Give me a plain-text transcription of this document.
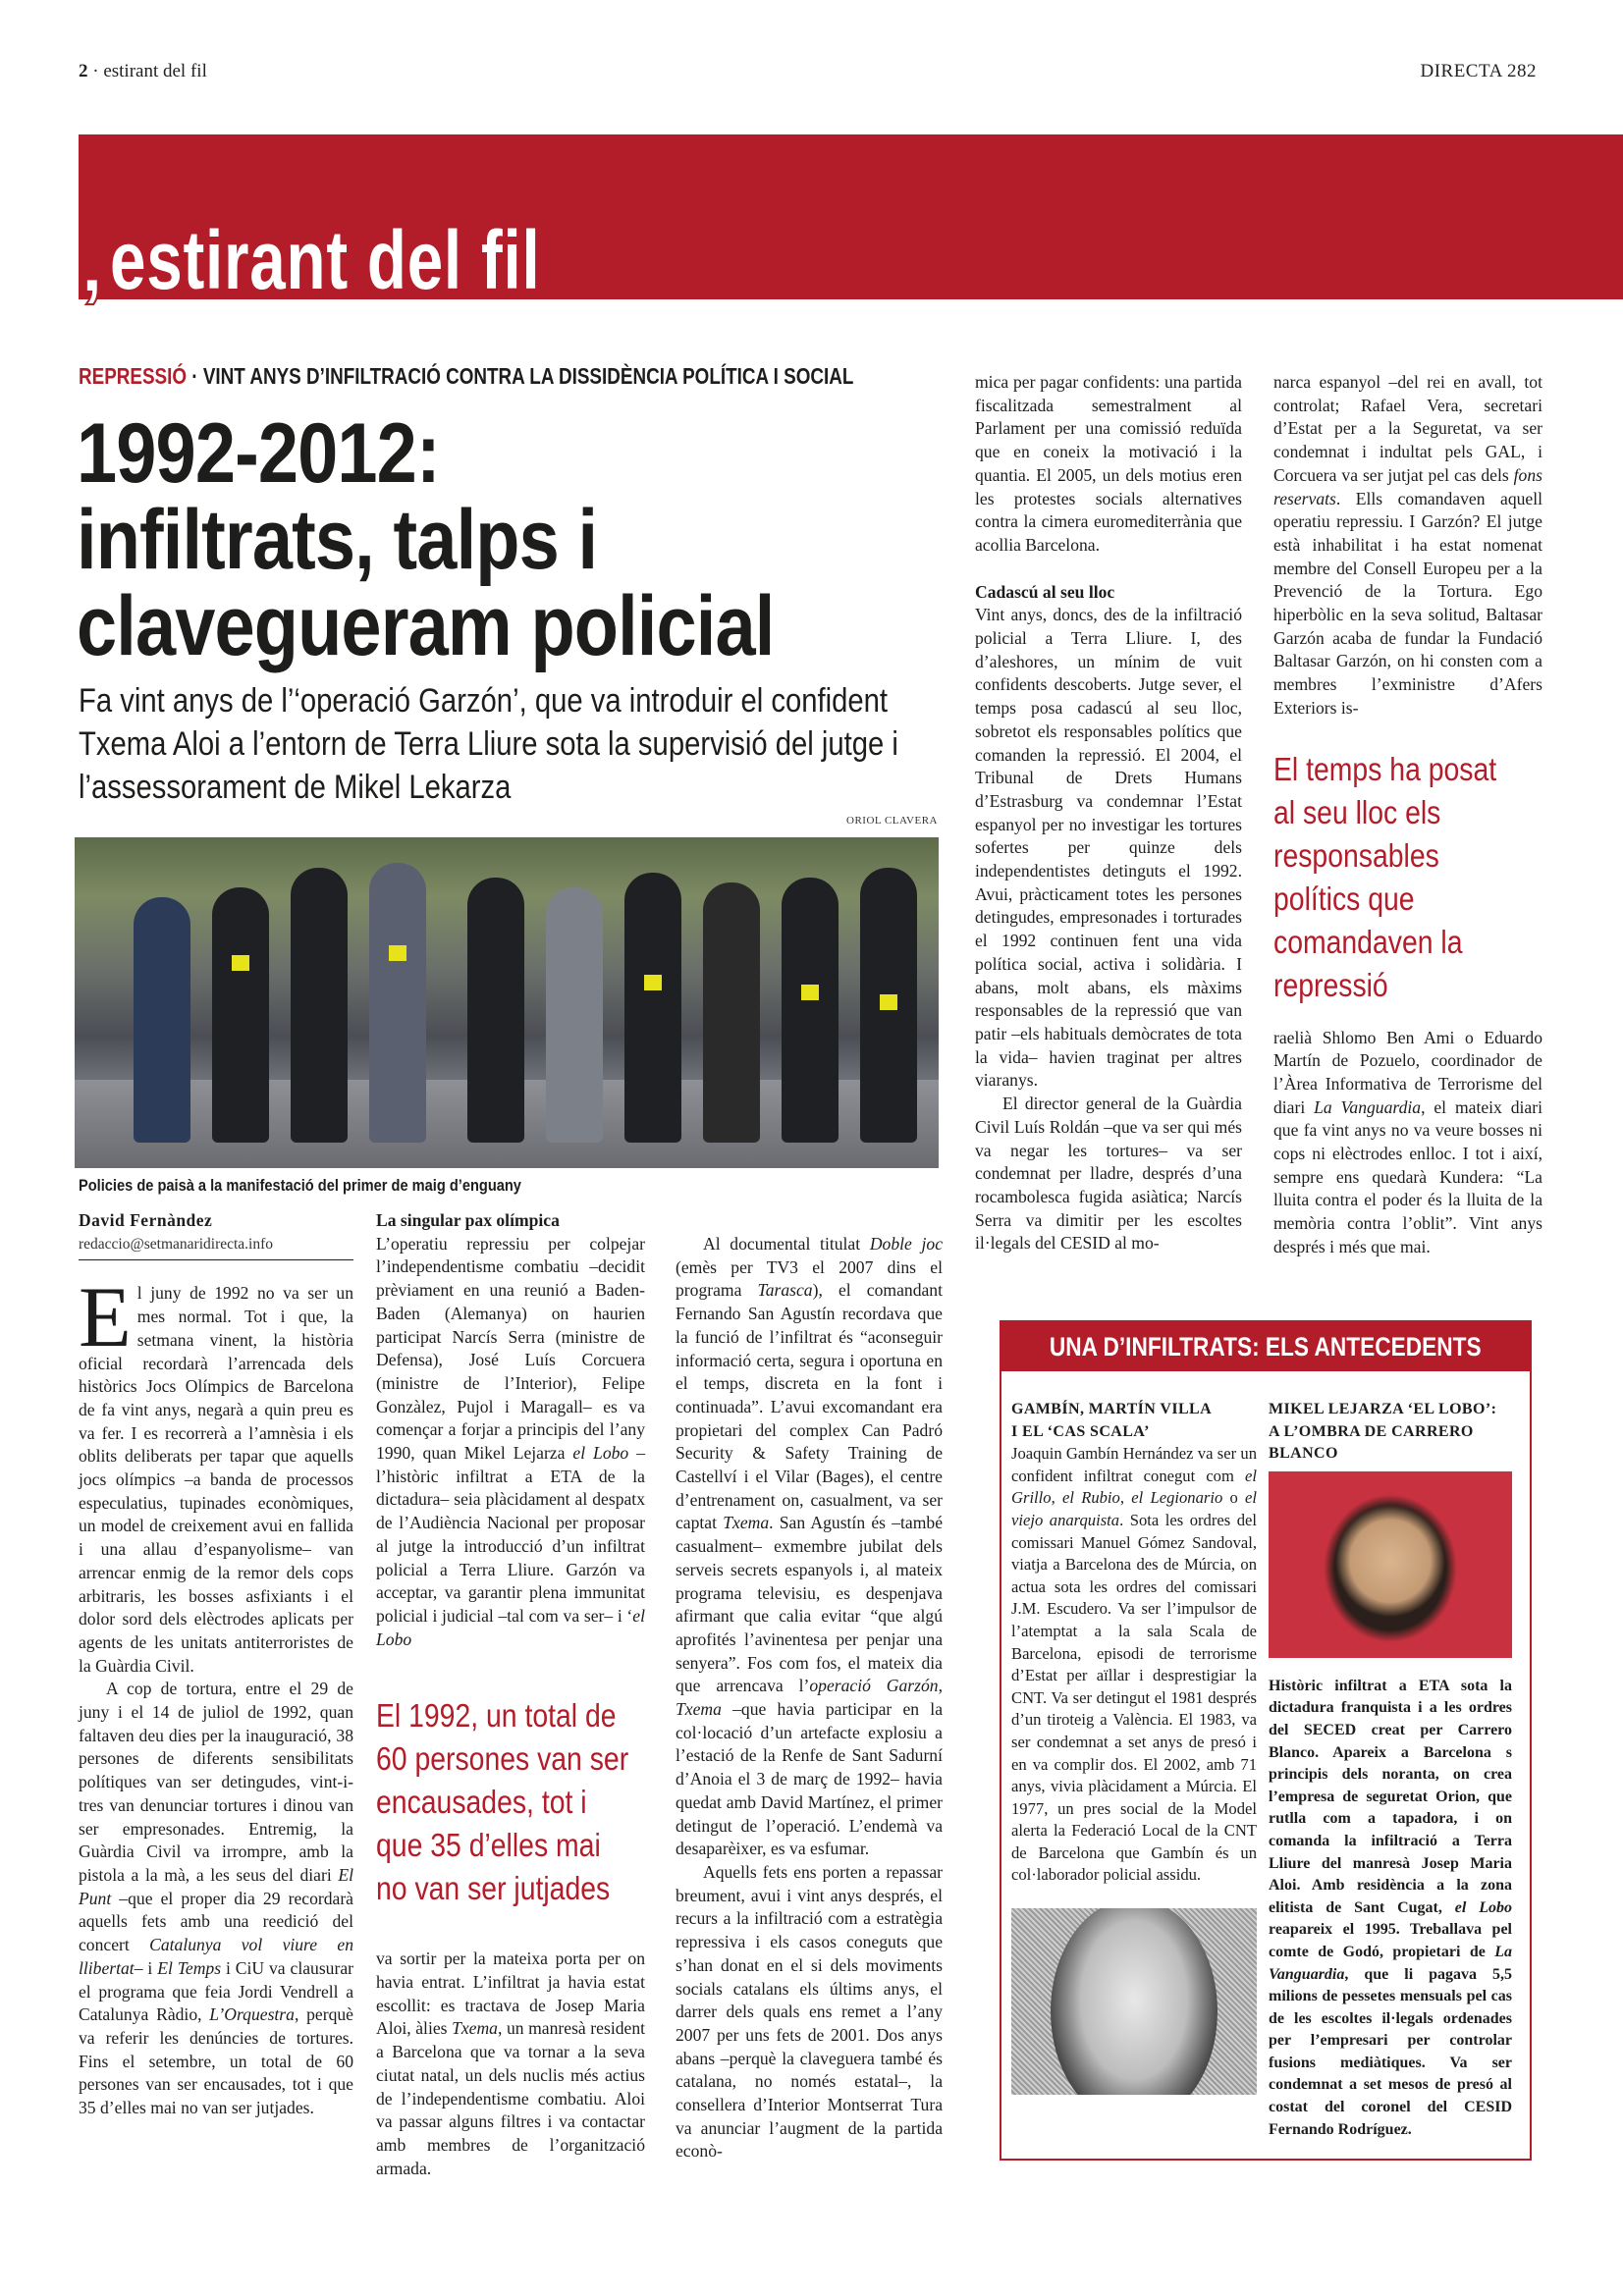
2 · estirant del fil	DIRECTA 282
, estirant del fil
REPRESSIÓ · VINT ANYS D’INFILTRACIÓ CONTRA LA DISSIDÈNCIA POLÍTICA I SOCIAL
1992-2012:
infiltrats, talps i
clavegueram policial

Fa vint anys de l’‘operació Garzón’, que va introduir el confident Txema Aloi a l’entorn de Terra Lliure sota la supervisió del jutge i l’assessorament de Mikel Lekarza

ORIOL CLAVERA
Policies de paisà a la manifestació del primer de maig d’enguany
David Fernàndez
redaccio@setmanaridirecta.info

El juny de 1992 no va ser un mes normal. Tot i que, la setmana vinent, la història oficial recordarà l’arrencada dels històrics Jocs Olímpics de Barcelona de fa vint anys, negarà a quin preu es va fer. I es recorrerà a l’amnèsia i els oblits deliberats per tapar que aquells jocs olímpics –a banda de processos especulatius, tupinades econòmiques, un model de creixement avui en fallida i una allau d’espanyolisme– van arrencar enmig de la remor dels cops arbitraris, les bosses asfixiants i el dolor sord dels elèctrodes aplicats per agents de les unitats antiterroristes de la Guàrdia Civil.

A cop de tortura, entre el 29 de juny i el 14 de juliol de 1992, quan faltaven deu dies per la inauguració, 38 persones de diferents sensibilitats polítiques van ser detingudes, vint-i-tres van denunciar tortures i dinou van ser empresonades. Entremig, la Guàrdia Civil va irrompre, amb la pistola a la mà, a les seus del diari El Punt –que el proper dia 29 recordarà aquells fets amb una reedició del concert Catalunya vol viure en llibertat– i El Temps i CiU va clausurar el programa que feia Jordi Vendrell a Catalunya Ràdio, L’Orquestra, perquè va referir les denúncies de tortures. Fins el setembre, un total de 60 persones van ser encausades, tot i que 35 d’elles mai no van ser jutjades.

La singular pax olímpica

L’operatiu repressiu per colpejar l’independentisme combatiu –decidit prèviament en una reunió a Baden-Baden (Alemanya) on haurien participat Narcís Serra (ministre de Defensa), José Luís Corcuera (ministre de l’Interior), Felipe Gonzàlez, Pujol i Maragall– es va començar a forjar a principis del l’any 1990, quan Mikel Lejarza el Lobo –l’històric infiltrat a ETA de la dictadura– seia plàcidament al despatx de l’Audiència Nacional per proposar al jutge la introducció d’un infiltrat policial a Terra Lliure. Garzón va acceptar, va garantir plena immunitat policial i judicial –tal com va ser– i ‘el Lobo

El 1992, un total de 60 persones van ser encausades, tot i que 35 d’elles mai no van ser jutjades

va sortir per la mateixa porta per on havia entrat. L’infiltrat ja havia estat escollit: es tractava de Josep Maria Aloi, àlies Txema, un manresà resident a Barcelona que va tornar a la seva ciutat natal, un dels nuclis més actius de l’independentisme combatiu. Aloi va passar alguns filtres i va contactar amb membres de l’organització armada.

Al documental titulat Doble joc (emès per TV3 el 2007 dins el programa Tarasca), el comandant Fernando San Agustín recordava que la funció de l’infiltrat és “aconseguir informació certa, segura i oportuna en el temps, discreta en la font i continuada”. L’avui excomandant era propietari del complex Can Padró Security & Safety Training de Castellví i el Vilar (Bages), el centre d’entrenament on, casualment, va ser captat Txema. San Agustín és –també casualment– exmembre jubilat dels serveis secrets espanyols i, al mateix programa televisiu, es despenjava afirmant que calia evitar “que algú aprofités l’avinentesa per penjar una senyera”. Fos com fos, el mateix dia que arrencava l’operació Garzón, Txema –que havia participar en la col·locació d’un artefacte explosiu a l’estació de la Renfe de Sant Sadurní d’Anoia el 3 de març de 1992– havia quedat amb David Martínez, el primer detingut de l’operació. L’endemà va desaparèixer, es va esfumar.

Aquells fets ens porten a repassar breument, avui i vint anys després, el recurs a la infiltració com a estratègia repressiva i els casos coneguts que s’han donat en el si dels moviments socials catalans els últims anys, el darrer dels quals ens remet a l’any 2007 per uns fets de 2001. Dos anys abans –perquè la claveguera també és catalana, no només estatal–, la consellera d’Interior Montserrat Tura va anunciar l’augment de la partida econò-

mica per pagar confidents: una partida fiscalitzada semestralment al Parlament per una comissió reduïda que en coneix la motivació i la quantia. El 2005, un dels motius eren les protestes socials alternatives contra la cimera euromediterrània que acollia Barcelona.

Cadascú al seu lloc

Vint anys, doncs, des de la infiltració policial a Terra Lliure. I, des d’aleshores, un mínim de vuit confidents descoberts. Jutge sever, el temps posa cadascú al seu lloc, sobretot els responsables polítics que comanden la repressió. El 2004, el Tribunal de Drets Humans d’Estrasburg va condemnar l’Estat espanyol per no investigar les tortures sofertes per quinze dels independentistes detinguts el 1992. Avui, pràcticament totes les persones detingudes, empresonades i torturades el 1992 continuen fent una vida política social, activa i solidària. I abans, molt abans, els màxims responsables de la repressió que van patir –els habituals demòcrates de tota la vida– havien traginat per altres viaranys.

El director general de la Guàrdia Civil Luís Roldán –que va ser qui més va negar les tortures– va ser condemnat per lladre, després d’una rocambolesca fugida asiàtica; Narcís Serra va dimitir per les escoltes il·legals del CESID al mo-

narca espanyol –del rei en avall, tot controlat; Rafael Vera, secretari d’Estat per a la Seguretat, va ser condemnat i indultat pels GAL, i Corcuera va ser jutjat pel cas dels fons reservats. Ells comandaven aquell operatiu repressiu. I Garzón? El jutge està inhabilitat i ha estat nomenat membre del Consell Europeu per a la Prevenció de la Tortura. Ego hiperbòlic en la seva solitud, Baltasar Garzón acaba de fundar la Fundació Baltasar Garzón, on hi consten com a membres l’exministre d’Afers Exteriors is-

El temps ha posat al seu lloc els responsables polítics que comandaven la repressió

raelià Shlomo Ben Ami o Eduardo Martín de Pozuelo, coordinador de l’Àrea Informativa de Terrorisme del diari La Vanguardia, el mateix diari que fa vint anys no va veure bosses ni cops ni elèctrodes enlloc. I tot i així, sempre ens quedarà Kundera: “La lluita contra el poder és la lluita de la memòria contra l’oblit”. Vint anys després i més que mai.

UNA D’INFILTRATS: ELS ANTECEDENTS
GAMBÍN, MARTÍN VILLA
I EL ‘CAS SCALA’

Joaquin Gambín Hernández va ser un confident infiltrat conegut com el Grillo, el Rubio, el Legionario o el viejo anarquista. Sota les ordres del comissari Manuel Gómez Sandoval, viatja a Barcelona des de Múrcia, on actua sota les ordres del comissari J.M. Escudero. Va ser l’impulsor de l’atemptat a la sala Scala de Barcelona, episodi de terrorisme d’Estat per aïllar i desprestigiar la CNT. Va ser detingut el 1981 després d’un tiroteig a València. El 1983, va ser condemnat a set anys de presó i en va complir dos. El 2002, amb 71 anys, vivia plàcidament a Múrcia. El 1977, un pres social de la Model alerta la Federació Local de la CNT de Barcelona que Gambín és un col·laborador policial assidu.

MIKEL LEJARZA ‘EL LOBO’:
A L’OMBRA DE CARRERO
BLANCO

Històric infiltrat a ETA sota la dictadura franquista i a les ordres del SECED creat per Carrero Blanco. Apareix a Barcelona s principis dels noranta, on crea l’empresa de seguretat Orion, que rutlla com a tapadora, i on comanda la infiltració a Terra Lliure del manresà Josep Maria Aloi. Amb residència a la zona elitista de Sant Cugat, el Lobo reapareix el 1995. Treballava pel comte de Godó, propietari de La Vanguardia, que li pagava 5,5 milions de pessetes mensuals pel cas de les escoltes il·legals ordenades per l’empresari per controlar fusions mediàtiques. Va ser condemnat a set mesos de presó al costat del coronel del CESID Fernando Rodríguez.
